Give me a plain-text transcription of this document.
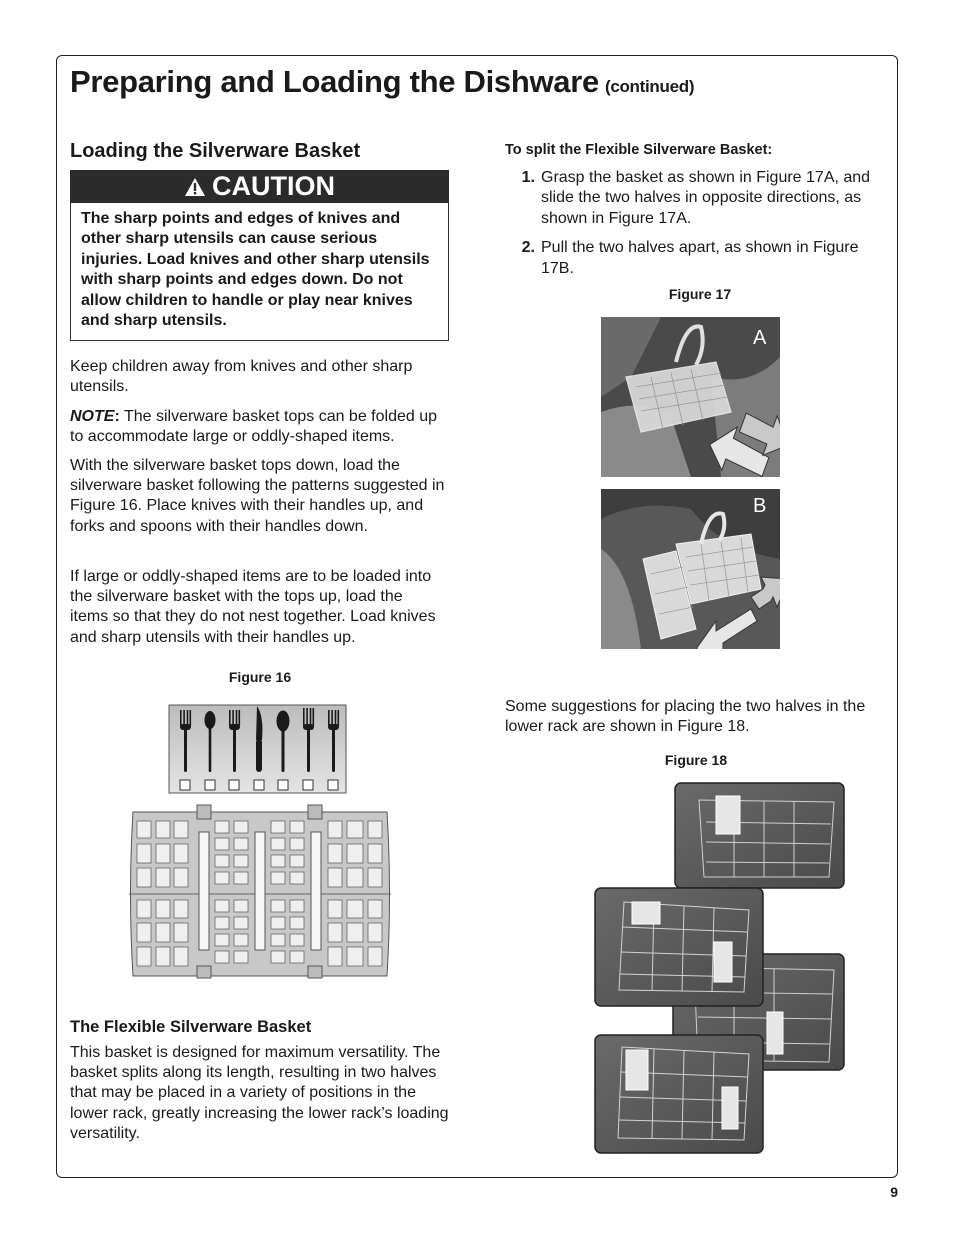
Preparing and Loading the Dishware (continued)
Loading the Silverware Basket
CAUTION
The sharp points and edges of knives and other sharp utensils can cause serious injuries. Load knives and other sharp utensils with sharp points and edges down. Do not allow children to handle or play near knives and sharp utensils.
Keep children away from knives and other sharp utensils.
NOTE: The silverware basket tops can be folded up to accommodate large or oddly-shaped items.
With the silverware basket tops down, load the silverware basket following the patterns suggested in Figure 16. Place knives with their handles up, and forks and spoons with their handles down.
If large or oddly-shaped items are to be loaded into the silverware basket with the tops up, load the items so that they do not nest together. Load knives and sharp utensils with their handles up.
Figure 16
The Flexible Silverware Basket
This basket is designed for maximum versatility. The basket splits along its length, resulting in two halves that may be placed in a variety of positions in the lower rack, greatly increasing the lower rack’s loading versatility.
To split the Flexible Silverware Basket:
1. Grasp the basket as shown in Figure 17A, and slide the two halves in opposite directions, as shown in Figure 17A.
2. Pull the two halves apart, as shown in Figure 17B.
Figure 17
A
B
Some suggestions for placing the two halves in the lower rack are shown in Figure 18.
Figure 18
9
